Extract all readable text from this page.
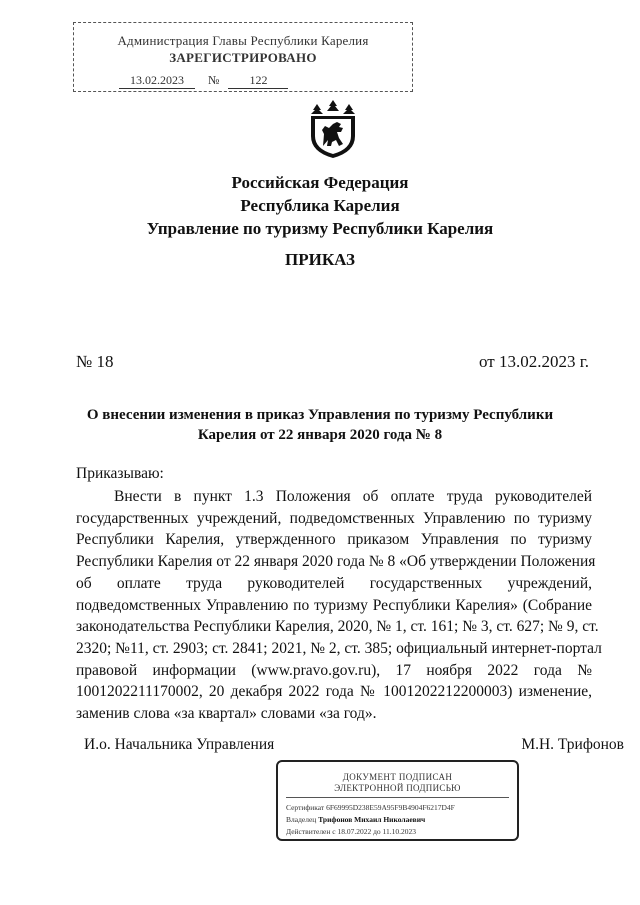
Администрация Главы Республики Карелия
ЗАРЕГИСТРИРОВАНО
13.02.2023 №	122
Российская Федерация
Республика Карелия
Управление по туризму Республики Карелия
ПРИКАЗ
№ 18	от 13.02.2023 г.
О внесении изменения в приказ Управления по туризму Республики
Карелия от 22 января 2020 года № 8
Приказываю:
Внести в пункт 1.3 Положения об оплате труда руководителей
государственных учреждений, подведомственных Управлению по туризму
Республики Карелия, утвержденного приказом Управления по туризму
Республики Карелия от 22 января 2020 года № 8 «Об утверждении Положения
об оплате труда руководителей государственных учреждений,
подведомственных Управлению по туризму Республики Карелия» (Собрание
законодательства Республики Карелия, 2020, № 1, ст. 161; № 3, ст. 627; № 9, ст.
2320; №11, ст. 2903; ст. 2841; 2021, № 2, ст. 385; официальный интернет-портал
правовой информации (www.pravo.gov.ru), 17 ноября 2022 года №
1001202211170002, 20 декабря 2022 года № 1001202212200003) изменение,
заменив слова «за квартал» словами «за год».
И.о. Начальника Управления	М.Н. Трифонов
ДОКУМЕНТ ПОДПИСАН
ЭЛЕКТРОННОЙ ПОДПИСЬЮ
Сертификат 6F69995D238E59A95F9B4904F6217D4F
Владелец Трифонов Михаил Николаевич
Действителен с 18.07.2022 до 11.10.2023
